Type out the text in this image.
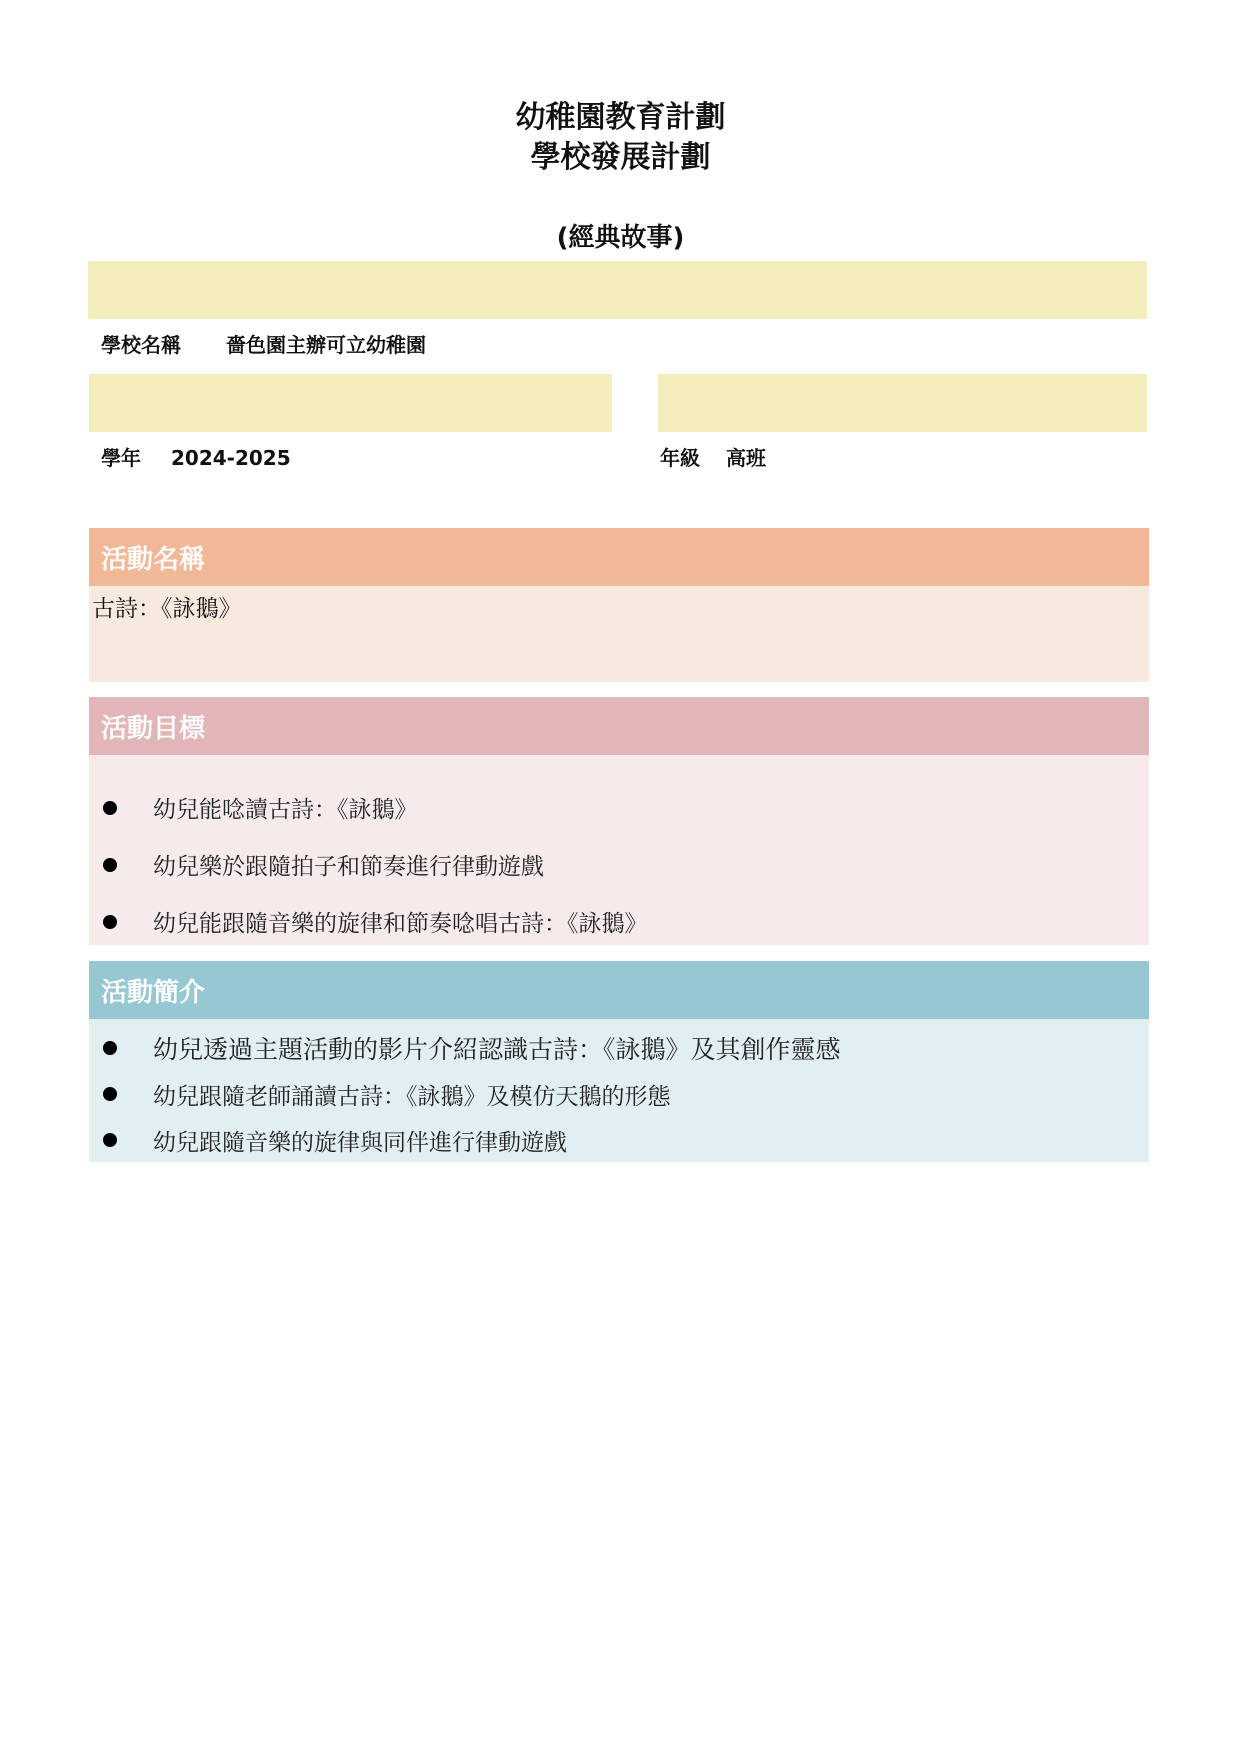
幼稚園教育計劃
學校發展計劃
(經典故事)
學校名稱 嗇色園主辦可立幼稚園
學年 2024-2025	年級 高班
活動名稱
古詩：《詠鵝》
活動目標
幼兒能唸讀古詩：《詠鵝》
幼兒樂於跟隨拍子和節奏進行律動遊戲
幼兒能跟隨音樂的旋律和節奏唸唱古詩：《詠鵝》
活動簡介
幼兒透過主題活動的影片介紹認識古詩：《詠鵝》及其創作靈感
幼兒跟隨老師誦讀古詩：《詠鵝》及模仿天鵝的形態
幼兒跟隨音樂的旋律與同伴進行律動遊戲
